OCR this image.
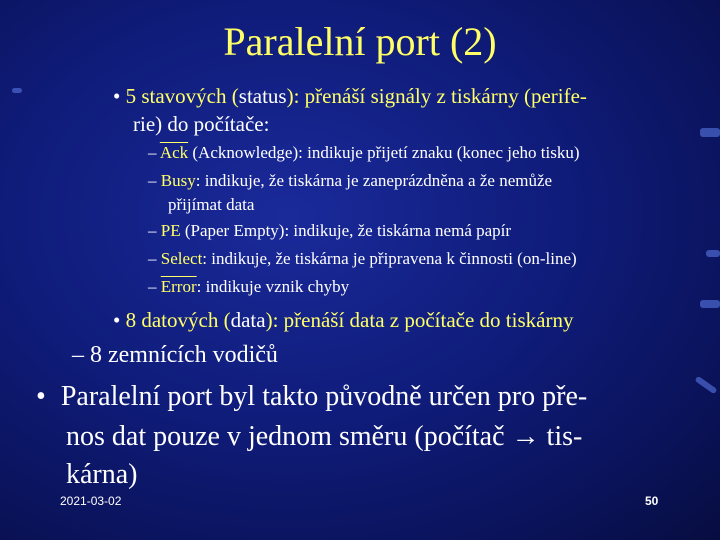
Paralelní port (2)
• 5 stavových (status): přenáší signály z tiskárny (perife-
rie) do počítače:
– $\overline{Ack}$ (Acknowledge): indikuje přijetí znaku (konec jeho tisku)
– Busy: indikuje, že tiskárna je zaneprázdněna a že nemůže
přijímat data
– PE (Paper Empty): indikuje, že tiskárna nemá papír
– Select: indikuje, že tiskárna je připravena k činnosti (on-line)
– Error: indikuje vznik chyby
• 8 datových (data): přenáší data z počítače do tiskárny
– 8 zemnících vodičů
• Paralelní port byl takto původně určen pro pře-
nos dat pouze v jednom směru (počítač → tis-
kárna)
2021-03-02	50
